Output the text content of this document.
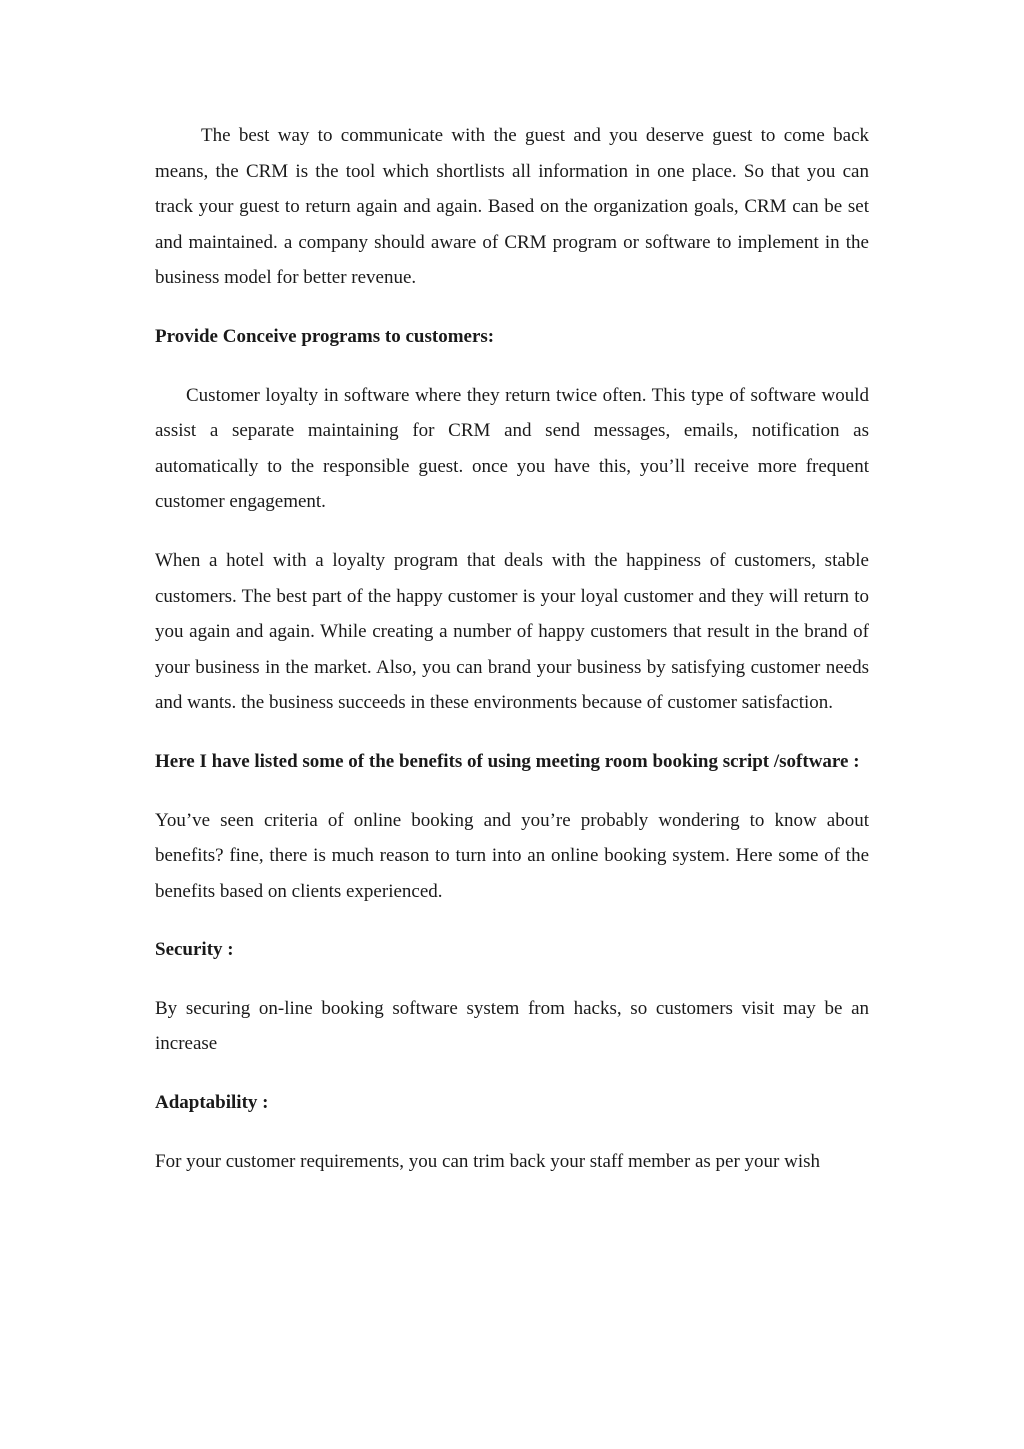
The best way to communicate with the guest and you deserve guest to come back means, the CRM is the tool which shortlists all information in one place. So that you can track your guest to return again and again. Based on the organization goals, CRM can be set and maintained. a company should aware of CRM program or software to implement in the business model for better revenue.

Provide Conceive programs to customers:

Customer loyalty in software where they return twice often. This type of software would assist a separate maintaining for CRM and send messages, emails, notification as automatically to the responsible guest. once you have this, you’ll receive more frequent customer engagement.

When a hotel with a loyalty program that deals with the happiness of customers, stable customers. The best part of the happy customer is your loyal customer and they will return to you again and again. While creating a number of happy customers that result in the brand of your business in the market. Also, you can brand your business by satisfying customer needs and wants. the business succeeds in these environments because of customer satisfaction.

Here I have listed some of the benefits of using meeting room booking script /software :

You’ve seen criteria of online booking and you’re probably wondering to know about benefits? fine, there is much reason to turn into an online booking system. Here some of the benefits based on clients experienced.

Security :

By securing on-line booking software system from hacks, so customers visit may be an increase

Adaptability :

For your customer requirements, you can trim back your staff member as per your wish
